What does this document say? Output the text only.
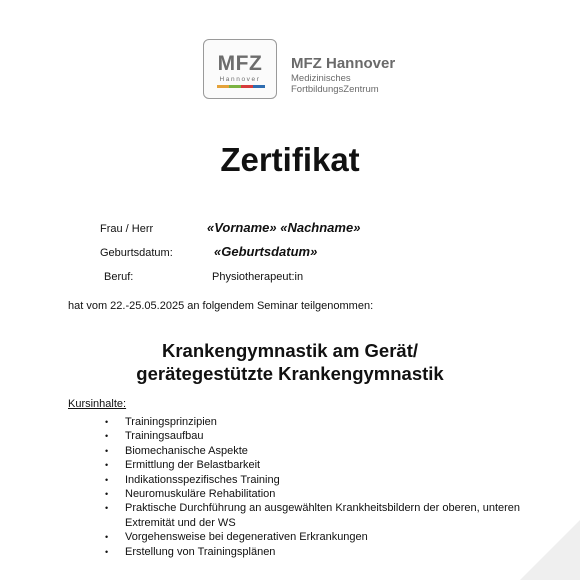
MFZ
Hannover
MFZ Hannover
Medizinisches
FortbildungsZentrum
Zertifikat
Frau / Herr	«Vorname» «Nachname»
Geburtsdatum:	«Geburtsdatum»
Beruf:	Physiotherapeut:in
hat vom 22.-25.05.2025 an folgendem Seminar teilgenommen:
Krankengymnastik am Gerät/
gerätegestützte Krankengymnastik
Kursinhalte:
• Trainingsprinzipien
• Trainingsaufbau
• Biomechanische Aspekte
• Ermittlung der Belastbarkeit
• Indikationsspezifisches Training
• Neuromuskuläre Rehabilitation
• Praktische Durchführung an ausgewählten Krankheitsbildern der oberen, unteren Extremität und der WS
• Vorgehensweise bei degenerativen Erkrankungen
• Erstellung von Trainingsplänen
